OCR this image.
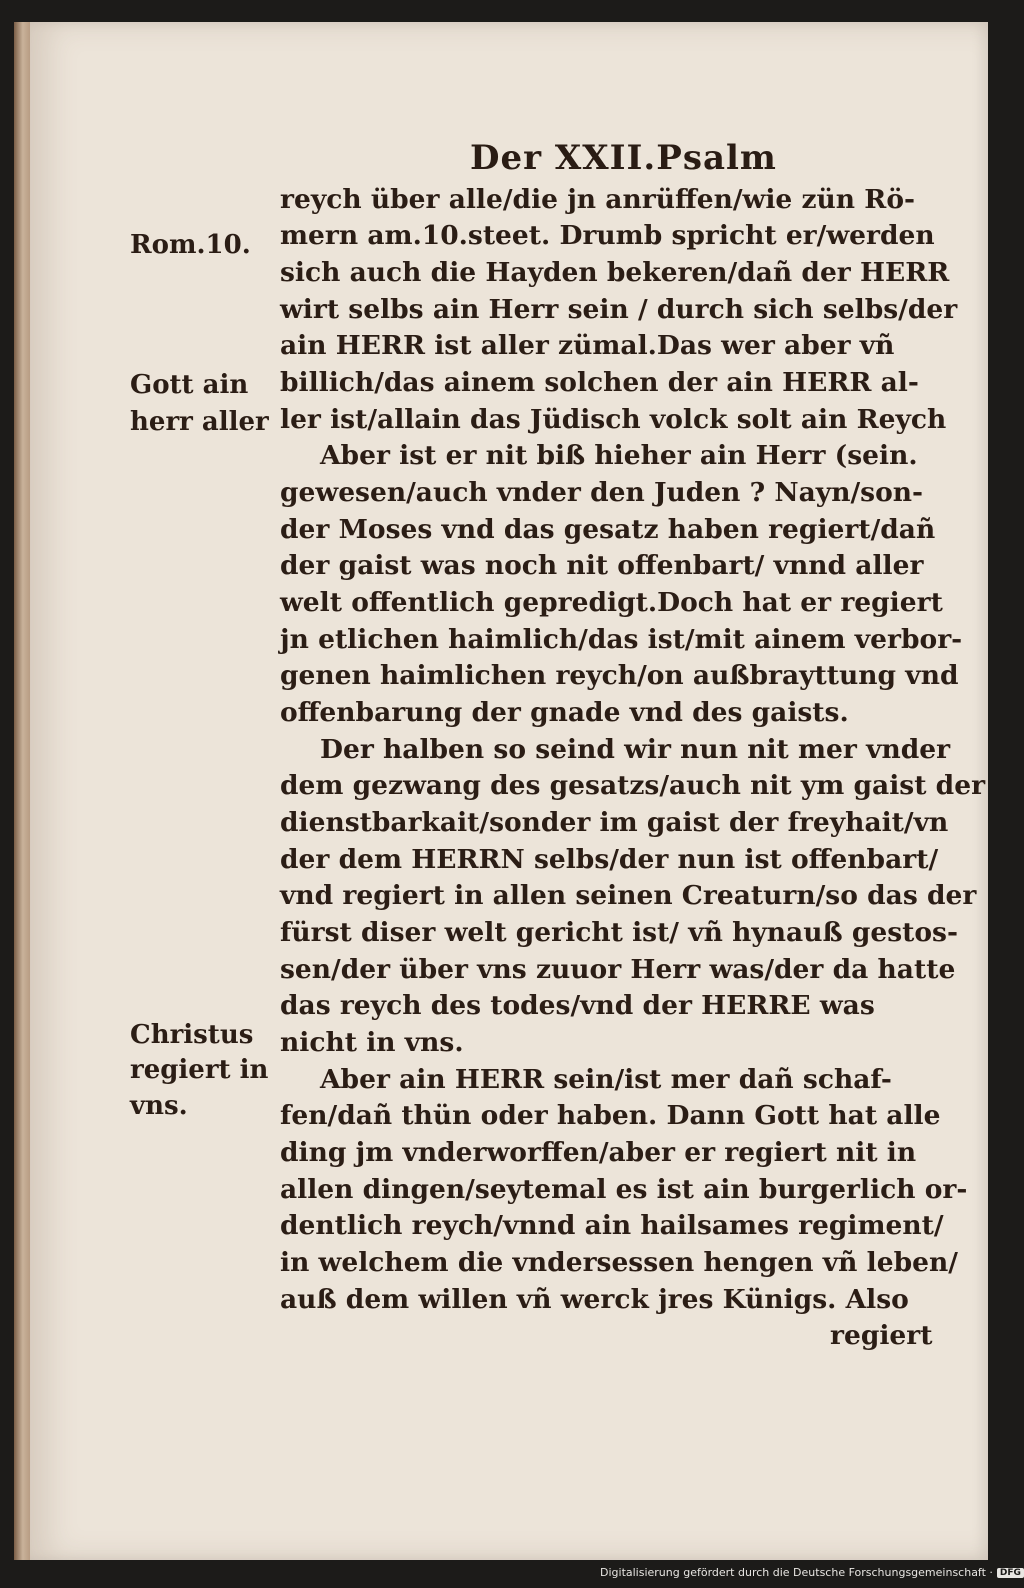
Der XXII.Psalm
Rom.10.
Gott ain
herr aller
Christus
regiert in
vns.
reych über alle/die jn anrüffen/wie zün Rö-
mern am.10.steet. Drumb spricht er/werden
sich auch die Hayden bekeren/dañ der HERR
wirt selbs ain Herr sein / durch sich selbs/der
ain HERR ist aller zümal.Das wer aber vñ
billich/das ainem solchen der ain HERR al-
ler ist/allain das Jüdisch volck solt ain Reych
Aber ist er nit biß hieher ain Herr (sein.
gewesen/auch vnder den Juden ? Nayn/son-
der Moses vnd das gesatz haben regiert/dañ
der gaist was noch nit offenbart/ vnnd aller
welt offentlich gepredigt.Doch hat er regiert
jn etlichen haimlich/das ist/mit ainem verbor-
genen haimlichen reych/on außbrayttung vnd
offenbarung der gnade vnd des gaists.
Der halben so seind wir nun nit mer vnder
dem gezwang des gesatzs/auch nit ym gaist der
dienstbarkait/sonder im gaist der freyhait/vn
der dem HERRN selbs/der nun ist offenbart/
vnd regiert in allen seinen Creaturn/so das der
fürst diser welt gericht ist/ vñ hynauß gestos-
sen/der über vns zuuor Herr was/der da hatte
das reych des todes/vnd der HERRE was
nicht in vns.
Aber ain HERR sein/ist mer dañ schaf-
fen/dañ thün oder haben. Dann Gott hat alle
ding jm vnderworffen/aber er regiert nit in
allen dingen/seytemal es ist ain burgerlich or-
dentlich reych/vnnd ain hailsames regiment/
in welchem die vndersessen hengen vñ leben/
auß dem willen vñ werck jres Künigs. Also
regiert
Digitalisierung gefördert durch die Deutsche Forschungsgemeinschaft · DFG
